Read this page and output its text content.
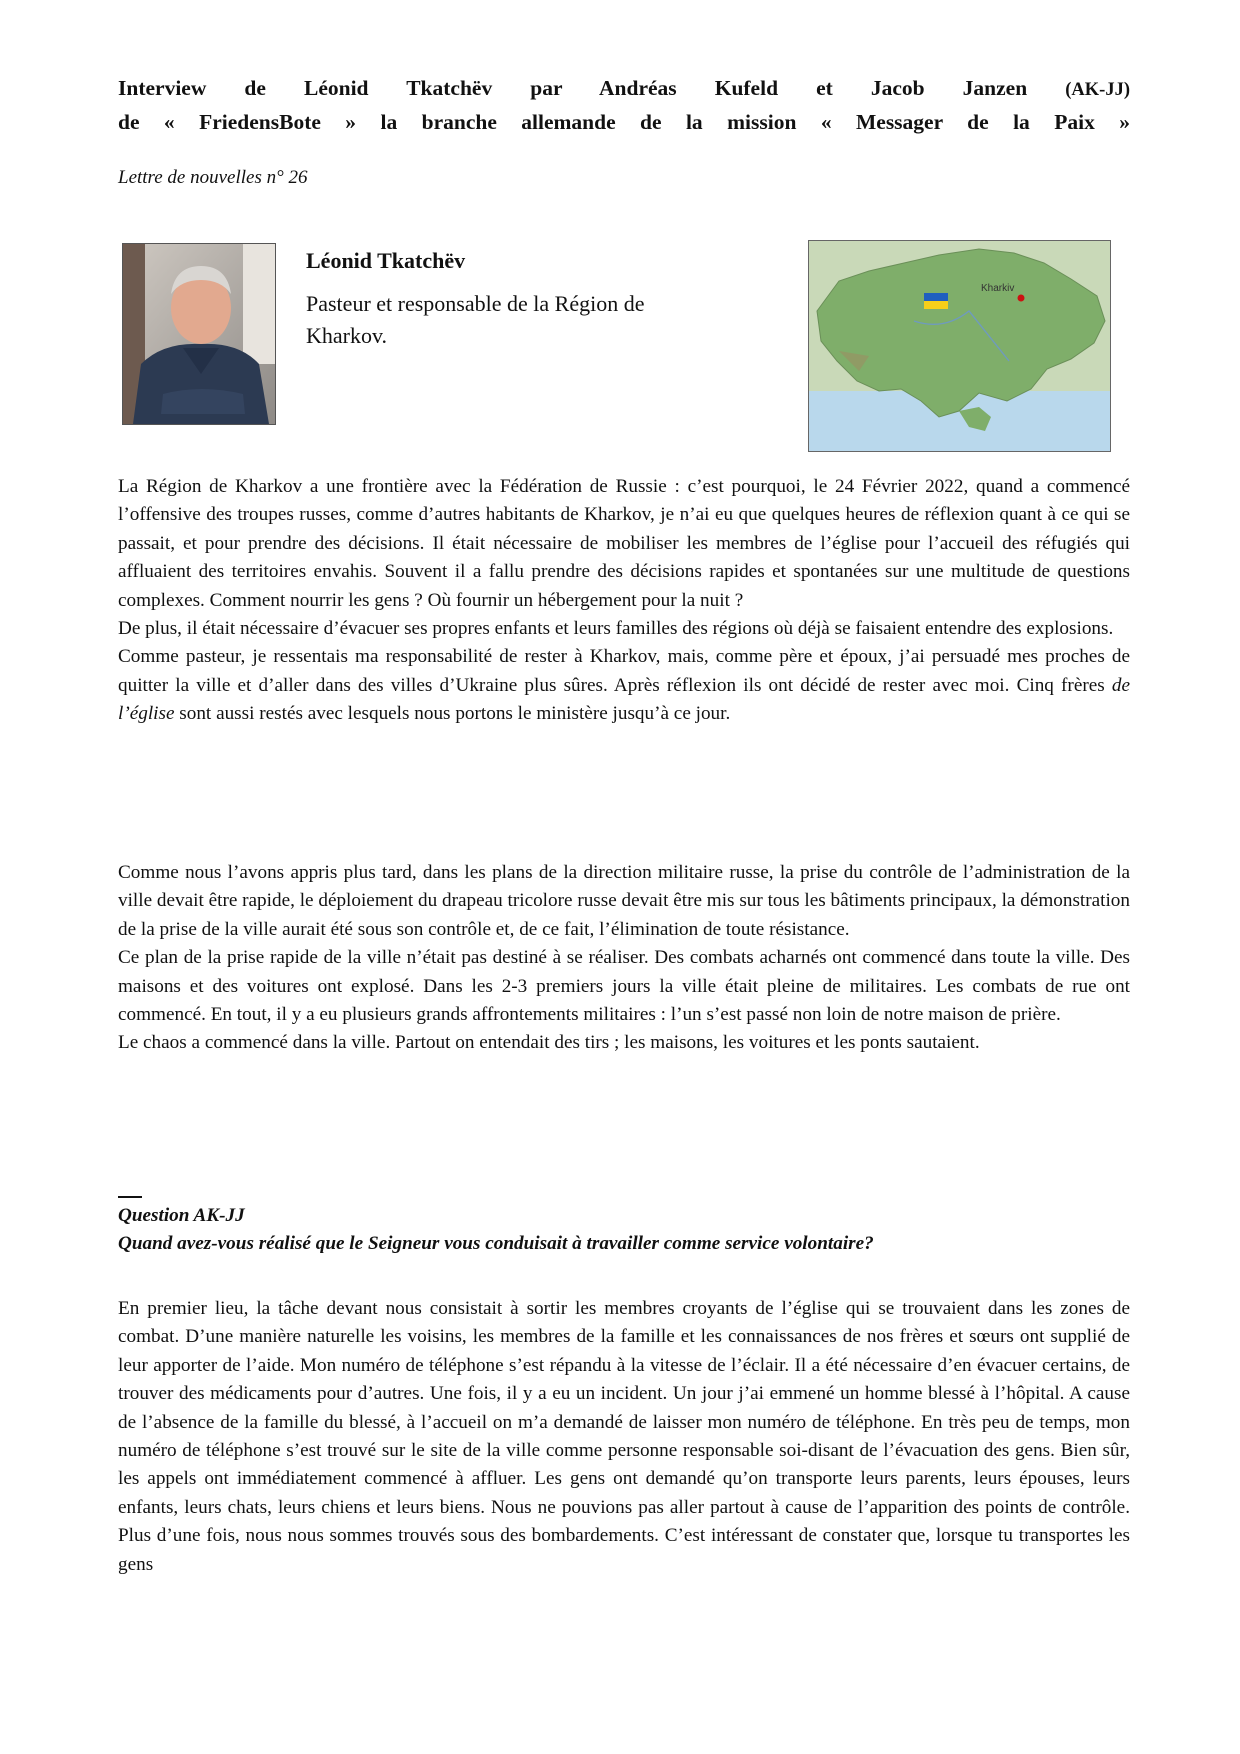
Interview de Léonid Tkatchëv par Andréas Kufeld et Jacob Janzen (AK-JJ)
de « FriedensBote » la branche allemande de la mission « Messager de la Paix »

Lettre de nouvelles n° 26

Léonid Tkatchëv

Pasteur et responsable de la Région de Kharkov.

Kharkiv

La Région de Kharkov a une frontière avec la Fédération de Russie : c’est pourquoi, le 24 Février 2022, quand a commencé l’offensive des troupes russes, comme d’autres habitants de Kharkov, je n’ai eu que quelques heures de réflexion quant à ce qui se passait, et pour prendre des décisions. Il était nécessaire de mobiliser les membres de l’église pour l’accueil des réfugiés qui affluaient des territoires envahis. Souvent il a fallu prendre des décisions rapides et spontanées sur une multitude de questions complexes. Comment nourrir les gens ? Où fournir un hébergement pour la nuit ?

De plus, il était nécessaire d’évacuer ses propres enfants et leurs familles des régions où déjà se faisaient entendre des explosions.

Comme pasteur, je ressentais ma responsabilité de rester à Kharkov, mais, comme père et époux, j’ai persuadé mes proches de quitter la ville et d’aller dans des villes d’Ukraine plus sûres. Après réflexion ils ont décidé de rester avec moi. Cinq frères de l’église sont aussi restés avec lesquels nous portons le ministère jusqu’à ce jour.

Comme nous l’avons appris plus tard, dans les plans de la direction militaire russe, la prise du contrôle de l’administration de la ville devait être rapide, le déploiement du drapeau tricolore russe devait être mis sur tous les bâtiments principaux, la démonstration de la prise de la ville aurait été sous son contrôle et, de ce fait, l’élimination de toute résistance.

Ce plan de la prise rapide de la ville n’était pas destiné à se réaliser. Des combats acharnés ont commencé dans toute la ville. Des maisons et des voitures ont explosé. Dans les 2-3 premiers jours la ville était pleine de militaires. Les combats de rue ont commencé. En tout, il y a eu plusieurs grands affrontements militaires : l’un s’est passé non loin de notre maison de prière.

Le chaos a commencé dans la ville. Partout on entendait des tirs ; les maisons, les voitures et les ponts sautaient.

Question AK-JJ

Quand avez-vous réalisé que le Seigneur vous conduisait à travailler comme service volontaire?

En premier lieu, la tâche devant nous consistait à sortir les membres croyants de l’église qui se trouvaient dans les zones de combat. D’une manière naturelle les voisins, les membres de la famille et les connaissances de nos frères et sœurs ont supplié de leur apporter de l’aide. Mon numéro de téléphone s’est répandu à la vitesse de l’éclair. Il a été nécessaire d’en évacuer certains, de trouver des médicaments pour d’autres. Une fois, il y a eu un incident. Un jour j’ai emmené un homme blessé à l’hôpital. A cause de l’absence de la famille du blessé, à l’accueil on m’a demandé de laisser mon numéro de téléphone. En très peu de temps, mon numéro de téléphone s’est trouvé sur le site de la ville comme personne responsable soi-disant de l’évacuation des gens. Bien sûr, les appels ont immédiatement commencé à affluer. Les gens ont demandé qu’on transporte leurs parents, leurs épouses, leurs enfants, leurs chats, leurs chiens et leurs biens. Nous ne pouvions pas aller partout à cause de l’apparition des points de contrôle. Plus d’une fois, nous nous sommes trouvés sous des bombardements. C’est intéressant de constater que, lorsque tu transportes les gens
